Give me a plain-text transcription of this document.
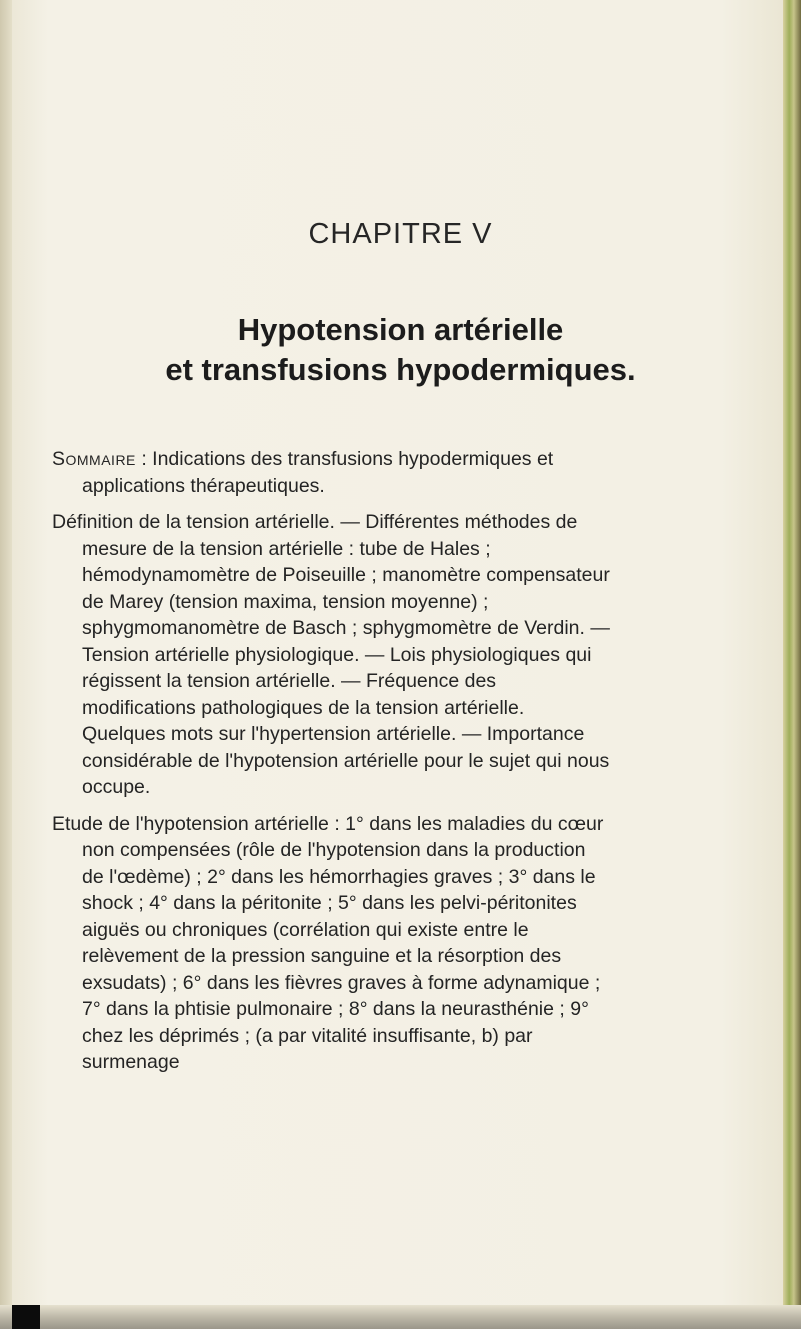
CHAPITRE V
Hypotension artérielle
et transfusions hypodermiques.

Sommaire : Indications des transfusions hypodermiques et applications thérapeutiques.

Définition de la tension artérielle. — Différentes méthodes de mesure de la tension artérielle : tube de Hales ; hémodynamomètre de Poiseuille ; manomètre compensateur de Marey (tension maxima, tension moyenne) ; sphygmomanomètre de Basch ; sphygmomètre de Verdin. — Tension artérielle physiologique. — Lois physiologiques qui régissent la tension artérielle. — Fréquence des modifications pathologiques de la tension artérielle. Quelques mots sur l'hypertension artérielle. — Importance considérable de l'hypotension artérielle pour le sujet qui nous occupe.

Etude de l'hypotension artérielle : 1° dans les maladies du cœur non compensées (rôle de l'hypotension dans la production de l'œdème) ; 2° dans les hémorrhagies graves ; 3° dans le shock ; 4° dans la péritonite ; 5° dans les pelvi-péritonites aiguës ou chroniques (corrélation qui existe entre le relèvement de la pression sanguine et la résorption des exsudats) ; 6° dans les fièvres graves à forme adynamique ; 7° dans la phtisie pulmonaire ; 8° dans la neurasthénie ; 9° chez les déprimés ; (a par vitalité insuffisante, b) par surmenage
